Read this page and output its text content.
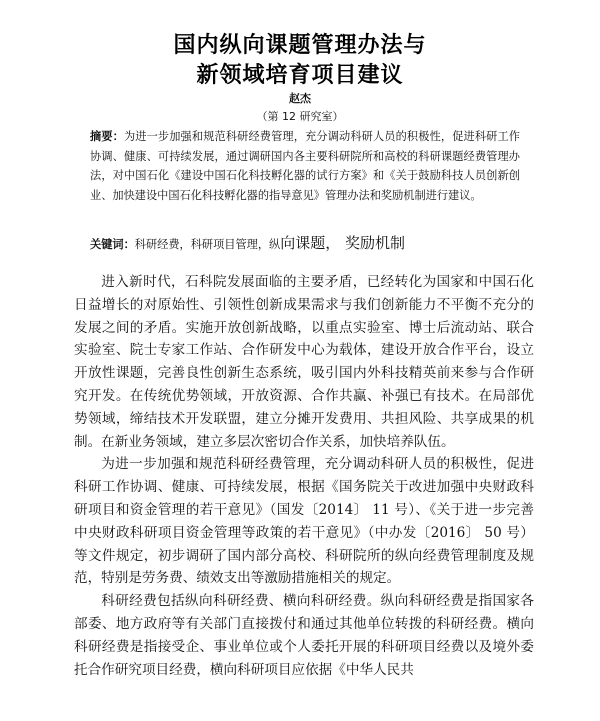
国内纵向课题管理办法与
新领域培育项目建议
赵杰
（第 12 研究室）
摘要：为进一步加强和规范科研经费管理，充分调动科研人员的积极性，促进科研工作协调、健康、可持续发展，通过调研国内各主要科研院所和高校的科研课题经费管理办法，对中国石化《建设中国石化科技孵化器的试行方案》和《关于鼓励科技人员创新创业、加快建设中国石化科技孵化器的指导意见》管理办法和奖励机制进行建议。
关键词：科研经费，科研项目管理，纵向课题， 奖励机制

进入新时代，石科院发展面临的主要矛盾，已经转化为国家和中国石化日益增长的对原始性、引领性创新成果需求与我们创新能力不平衡不充分的发展之间的矛盾。实施开放创新战略，以重点实验室、博士后流动站、联合实验室、院士专家工作站、合作研发中心为载体，建设开放合作平台，设立开放性课题，完善良性创新生态系统，吸引国内外科技精英前来参与合作研究开发。在传统优势领域，开放资源、合作共赢、补强已有技术。在局部优势领域，缔结技术开发联盟，建立分摊开发费用、共担风险、共享成果的机制。在新业务领域，建立多层次密切合作关系，加快培养队伍。

为进一步加强和规范科研经费管理，充分调动科研人员的积极性，促进科研工作协调、健康、可持续发展，根据《国务院关于改进加强中央财政科研项目和资金管理的若干意见》（国发〔2014〕 11 号）、《关于进一步完善中央财政科研项目资金管理等政策的若干意见》（中办发〔2016〕 50 号）等文件规定，初步调研了国内部分高校、科研院所的纵向经费管理制度及规范，特别是劳务费、绩效支出等激励措施相关的规定。

科研经费包括纵向科研经费、横向科研经费。纵向科研经费是指国家各部委、地方政府等有关部门直接拨付和通过其他单位转拨的科研经费。横向科研经费是指接受企、事业单位或个人委托开展的科研项目经费以及境外委托合作研究项目经费，横向科研项目应依据《中华人民共
